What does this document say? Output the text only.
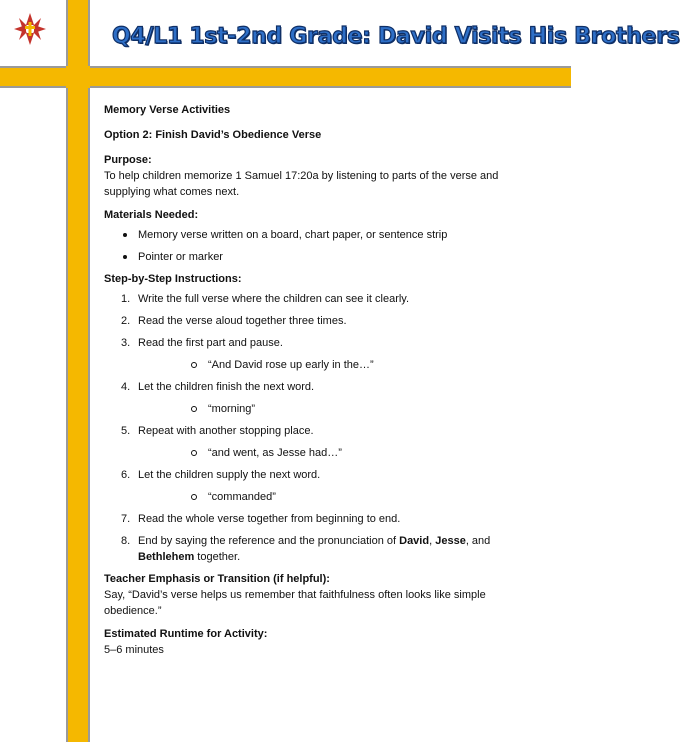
Q4/L1 1st-2nd Grade: David Visits His Brothers

Memory Verse Activities

Option 2: Finish David’s Obedience Verse

Purpose:

To help children memorize 1 Samuel 17:20a by listening to parts of the verse and supplying what comes next.

Materials Needed:

Memory verse written on a board, chart paper, or sentence strip
Pointer or marker

Step-by-Step Instructions:

1. Write the full verse where the children can see it clearly.
2. Read the verse aloud together three times.
3. Read the first part and pause.

“And David rose up early in the…”

4. Let the children finish the next word.

“morning”

5. Repeat with another stopping place.

“and went, as Jesse had…”

6. Let the children supply the next word.

“commanded”

7. Read the whole verse together from beginning to end.
8. End by saying the reference and the pronunciation of David, Jesse, and Bethlehem together.

Teacher Emphasis or Transition (if helpful):

Say, “David’s verse helps us remember that faithfulness often looks like simple obedience.”

Estimated Runtime for Activity:

5–6 minutes
